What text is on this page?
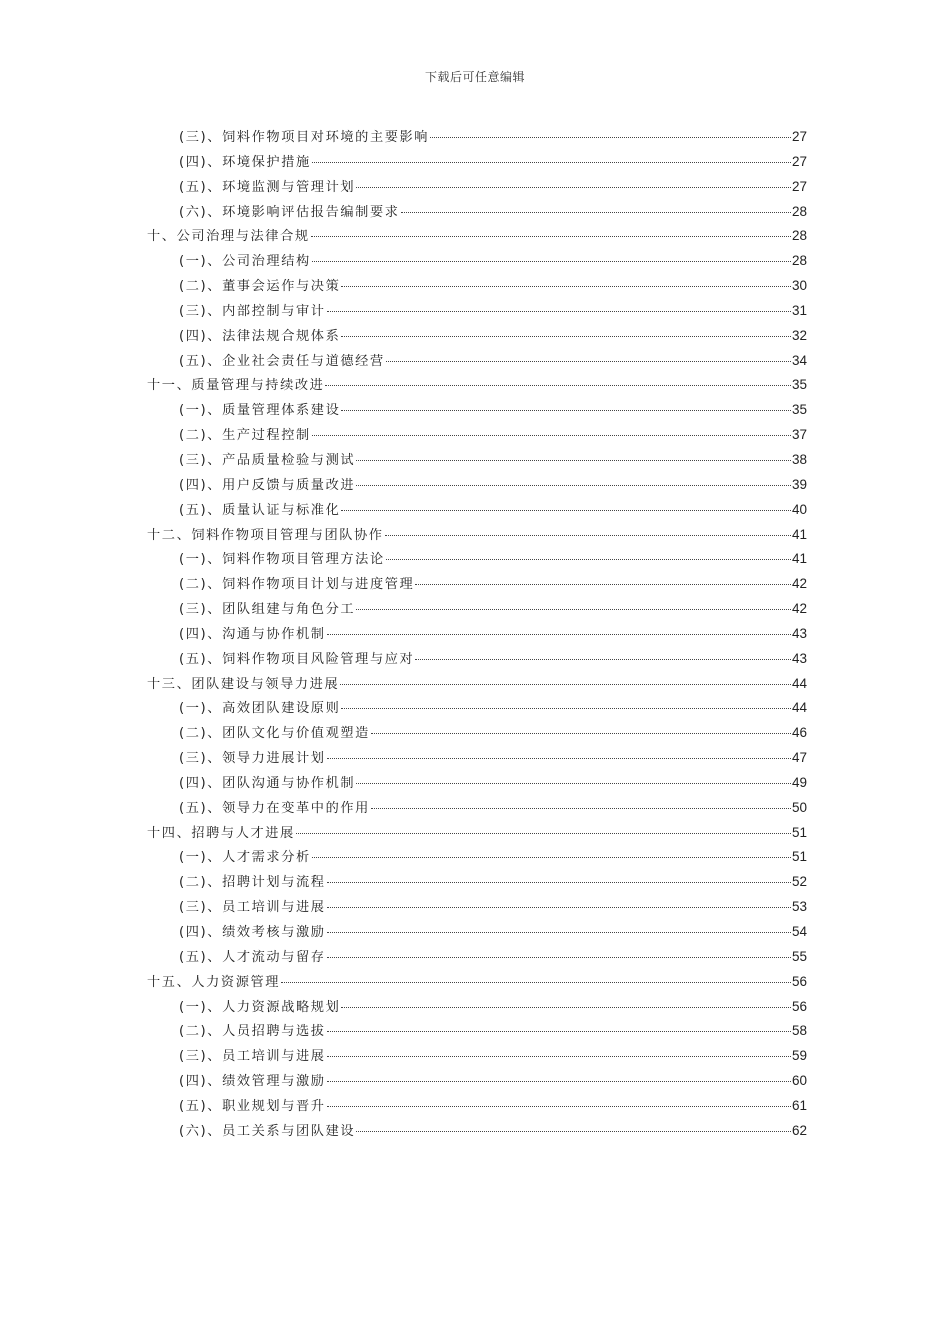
下载后可任意编辑
(三)、饲料作物项目对环境的主要影响	27
(四)、环境保护措施	27
(五)、环境监测与管理计划	27
(六)、环境影响评估报告编制要求	28
十、公司治理与法律合规	28
(一)、公司治理结构	28
(二)、董事会运作与决策	30
(三)、内部控制与审计	31
(四)、法律法规合规体系	32
(五)、企业社会责任与道德经营	34
十一、质量管理与持续改进	35
(一)、质量管理体系建设	35
(二)、生产过程控制	37
(三)、产品质量检验与测试	38
(四)、用户反馈与质量改进	39
(五)、质量认证与标准化	40
十二、饲料作物项目管理与团队协作	41
(一)、饲料作物项目管理方法论	41
(二)、饲料作物项目计划与进度管理	42
(三)、团队组建与角色分工	42
(四)、沟通与协作机制	43
(五)、饲料作物项目风险管理与应对	43
十三、团队建设与领导力进展	44
(一)、高效团队建设原则	44
(二)、团队文化与价值观塑造	46
(三)、领导力进展计划	47
(四)、团队沟通与协作机制	49
(五)、领导力在变革中的作用	50
十四、招聘与人才进展	51
(一)、人才需求分析	51
(二)、招聘计划与流程	52
(三)、员工培训与进展	53
(四)、绩效考核与激励	54
(五)、人才流动与留存	55
十五、人力资源管理	56
(一)、人力资源战略规划	56
(二)、人员招聘与选拔	58
(三)、员工培训与进展	59
(四)、绩效管理与激励	60
(五)、职业规划与晋升	61
(六)、员工关系与团队建设	62
